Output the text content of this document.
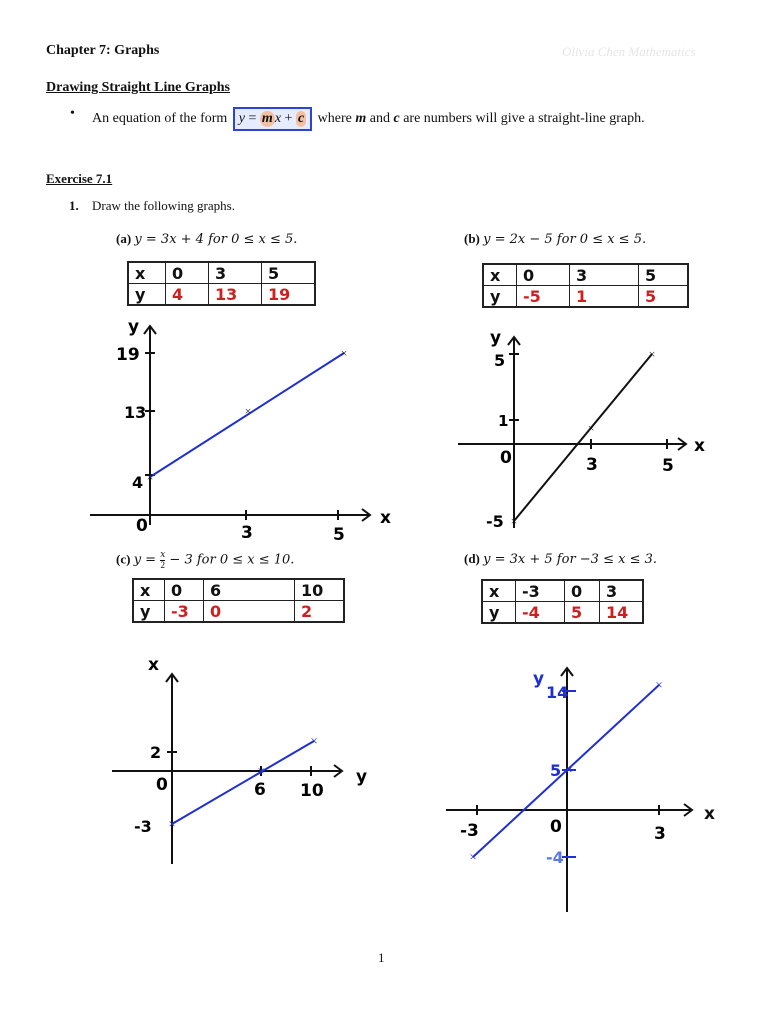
Chapter 7: Graphs	Olivia Chen Mathematics
Drawing Straight Line Graphs
• An equation of the form y = m x + c where m and c are numbers will give a straight-line graph.
Exercise 7.1
1. Draw the following graphs.
(a) y = 3x + 4 for 0 ≤ x ≤ 5.	(b) y = 2x − 5 for 0 ≤ x ≤ 5.
(c) $y = \frac{x}{2} - 3$ for 0 ≤ x ≤ 10.	(d) y = 3x + 5 for −3 ≤ x ≤ 3.
x	0	3	5
y	4	13	19
x	0	3	5
y	-5	1	5
x	0	6	10
y	-3	0	2
x	-3	0	3
y	-4	5	14
×
×
×
y
x
0	3	5
4
13
19	×
×
×
y
x
0	3	5
5
1
-5
×
×
×
x
y
0	6 10
2
-3
×
×
×
y
x
0
-3	3
14
5
-4
1
